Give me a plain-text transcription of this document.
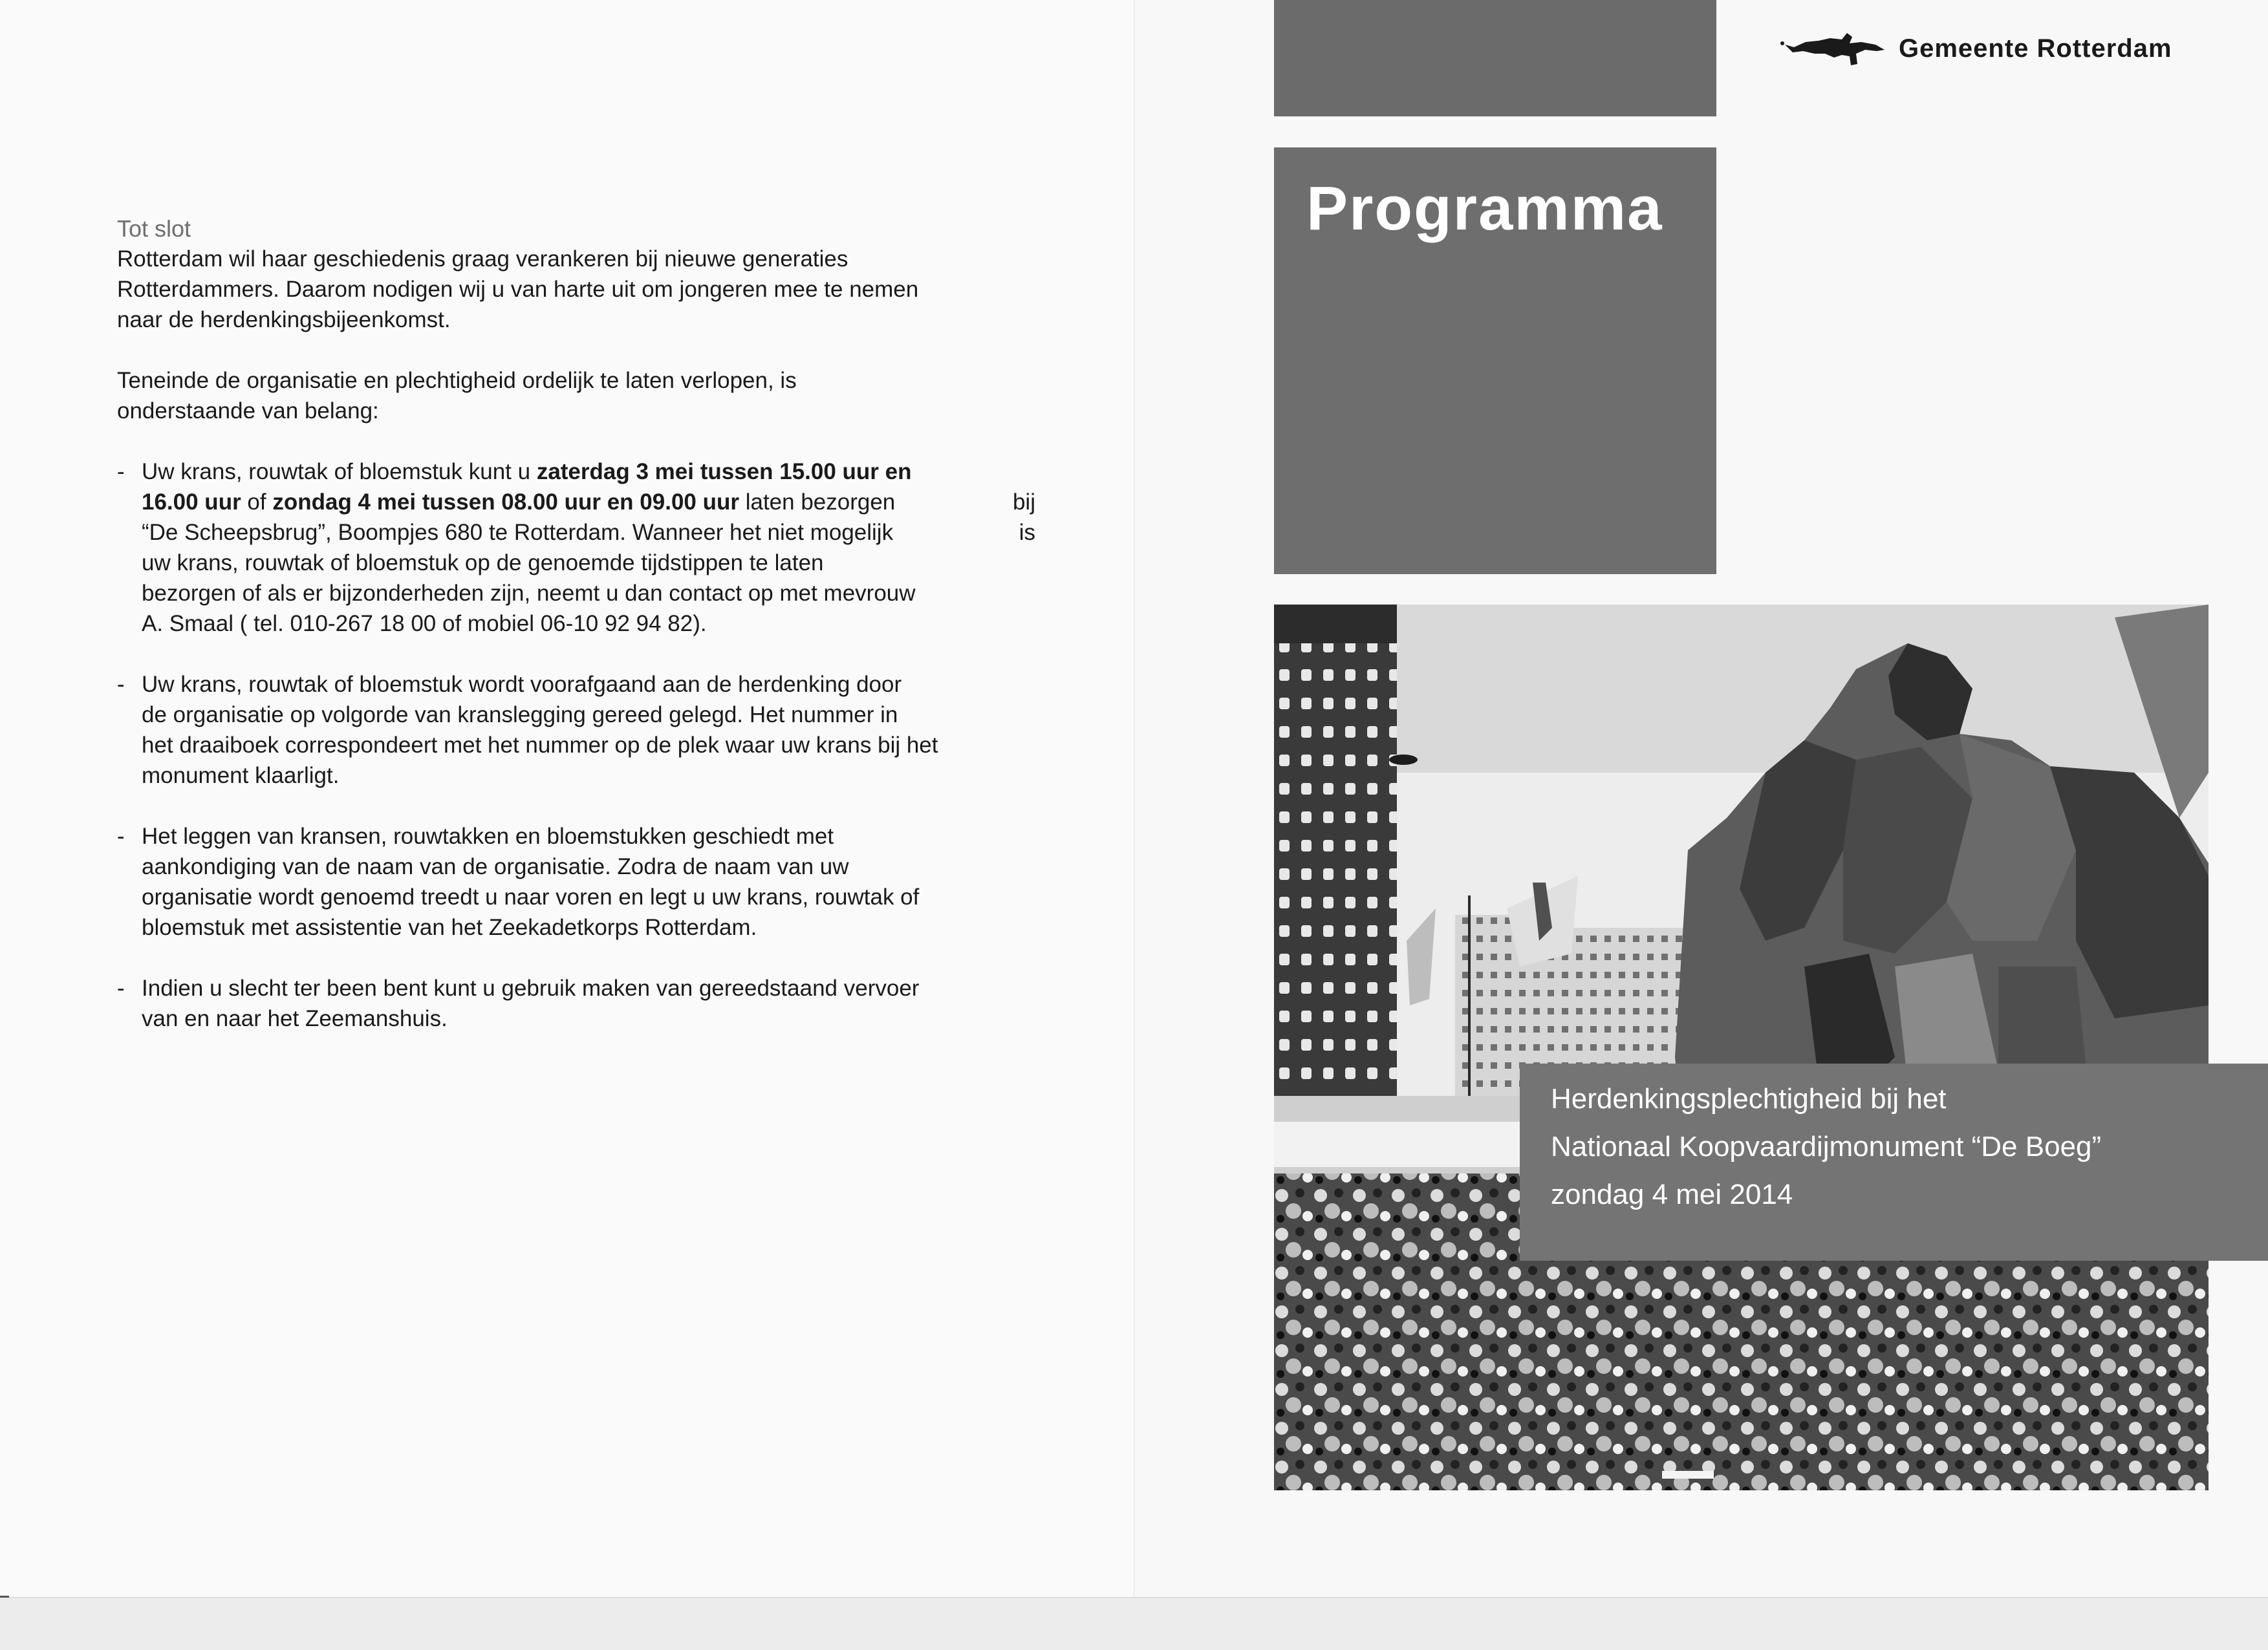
Tot slot
Rotterdam wil haar geschiedenis graag verankeren bij nieuwe generaties
Rotterdammers. Daarom nodigen wij u van harte uit om jongeren mee te nemen
naar de herdenkingsbijeenkomst.
Teneinde de organisatie en plechtigheid ordelijk te laten verlopen, is
onderstaande van belang:
- Uw krans, rouwtak of bloemstuk kunt u zaterdag 3 mei tussen 15.00 uur en
16.00 uur of zondag 4 mei tussen 08.00 uur en 09.00 uur laten bezorgen	bij
“De Scheepsbrug”, Boompjes 680 te Rotterdam. Wanneer het niet mogelijk	is
uw krans, rouwtak of bloemstuk op de genoemde tijdstippen te laten
bezorgen of als er bijzonderheden zijn, neemt u dan contact op met mevrouw
A. Smaal ( tel. 010-267 18 00 of mobiel 06-10 92 94 82).
- Uw krans, rouwtak of bloemstuk wordt voorafgaand aan de herdenking door
de organisatie op volgorde van kranslegging gereed gelegd. Het nummer in
het draaiboek correspondeert met het nummer op de plek waar uw krans bij het
monument klaarligt.
- Het leggen van kransen, rouwtakken en bloemstukken geschiedt met
aankondiging van de naam van de organisatie. Zodra de naam van uw
organisatie wordt genoemd treedt u naar voren en legt u uw krans, rouwtak of
bloemstuk met assistentie van het Zeekadetkorps Rotterdam.
- Indien u slecht ter been bent kunt u gebruik maken van gereedstaand vervoer
van en naar het Zeemanshuis.
Gemeente Rotterdam
Programma
Herdenkingsplechtigheid bij het
Nationaal Koopvaardijmonument “De Boeg”
zondag 4 mei 2014
